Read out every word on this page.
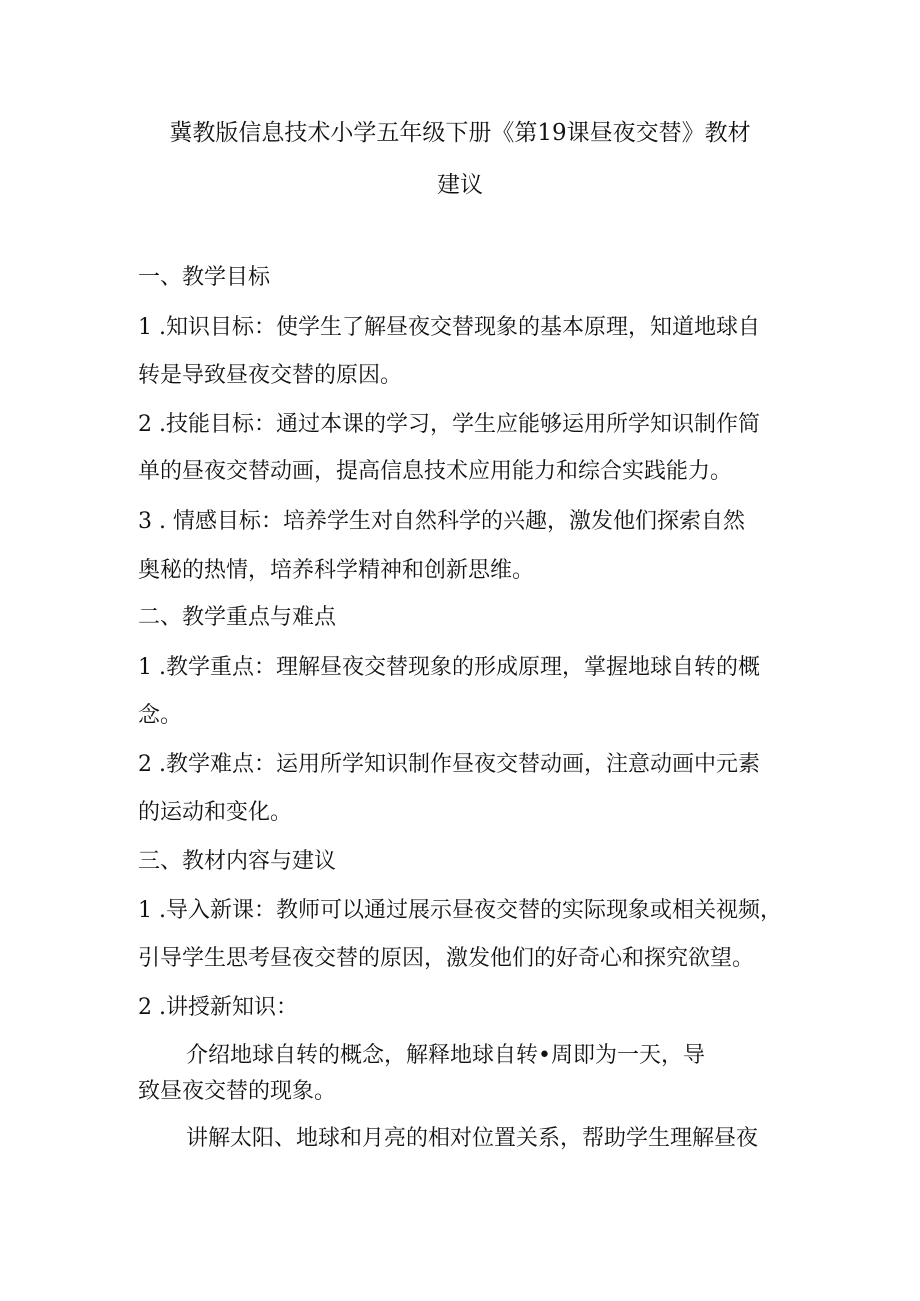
冀教版信息技术小学五年级下册《第19课昼夜交替》教材
建议
一、教学目标
1 .知识目标：使学生了解昼夜交替现象的基本原理，知道地球自
转是导致昼夜交替的原因。
2 .技能目标：通过本课的学习，学生应能够运用所学知识制作简
单的昼夜交替动画，提高信息技术应用能力和综合实践能力。
3 . 情感目标：培养学生对自然科学的兴趣，激发他们探索自然
奥秘的热情，培养科学精神和创新思维。
二、教学重点与难点
1 .教学重点：理解昼夜交替现象的形成原理，掌握地球自转的概
念。
2 .教学难点：运用所学知识制作昼夜交替动画，注意动画中元素
的运动和变化。
三、教材内容与建议
1 .导入新课：教师可以通过展示昼夜交替的实际现象或相关视频，
引导学生思考昼夜交替的原因，激发他们的好奇心和探究欲望。
2 .讲授新知识：
介绍地球自转的概念，解释地球自转•周即为一天，导
致昼夜交替的现象。
讲解太阳、地球和月亮的相对位置关系，帮助学生理解昼夜
